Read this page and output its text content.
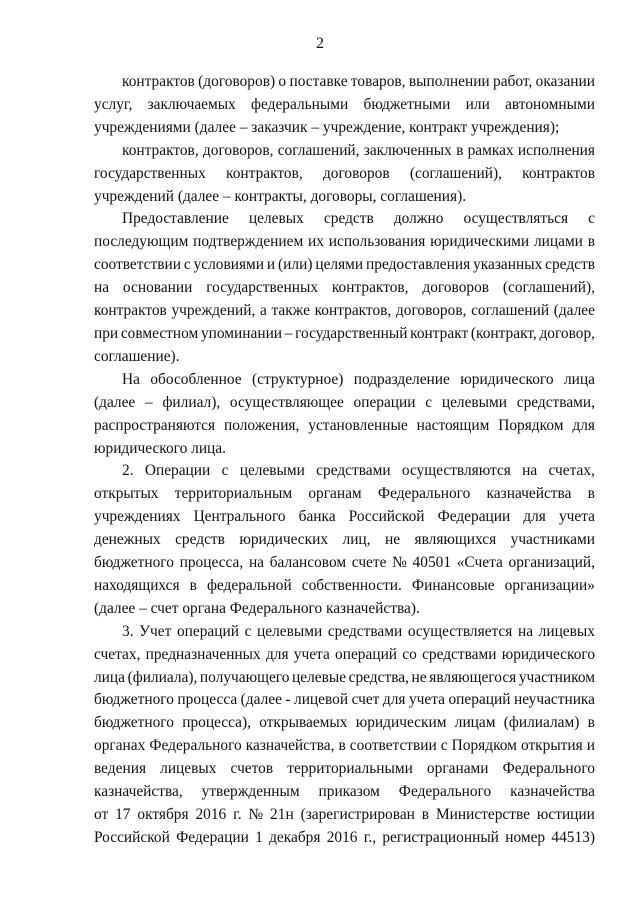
2
контрактов (договоров) о поставке товаров, выполнении работ, оказании
услуг, заключаемых федеральными бюджетными или автономными
учреждениями (далее – заказчик – учреждение, контракт учреждения);
контрактов, договоров, соглашений, заключенных в рамках исполнения
государственных контрактов, договоров (соглашений), контрактов
учреждений (далее – контракты, договоры, соглашения).
Предоставление целевых средств должно осуществляться с
последующим подтверждением их использования юридическими лицами в
соответствии с условиями и (или) целями предоставления указанных средств
на основании государственных контрактов, договоров (соглашений),
контрактов учреждений, а также контрактов, договоров, соглашений (далее
при совместном упоминании – государственный контракт (контракт, договор,
соглашение).
На обособленное (структурное) подразделение юридического лица
(далее – филиал), осуществляющее операции с целевыми средствами,
распространяются положения, установленные настоящим Порядком для
юридического лица.
2. Операции с целевыми средствами осуществляются на счетах,
открытых территориальным органам Федерального казначейства в
учреждениях Центрального банка Российской Федерации для учета
денежных средств юридических лиц, не являющихся участниками
бюджетного процесса, на балансовом счете № 40501 «Счета организаций,
находящихся в федеральной собственности. Финансовые организации»
(далее – счет органа Федерального казначейства).
3. Учет операций с целевыми средствами осуществляется на лицевых
счетах, предназначенных для учета операций со средствами юридического
лица (филиала), получающего целевые средства, не являющегося участником
бюджетного процесса (далее - лицевой счет для учета операций неучастника
бюджетного процесса), открываемых юридическим лицам (филиалам) в
органах Федерального казначейства, в соответствии с Порядком открытия и
ведения лицевых счетов территориальными органами Федерального
казначейства, утвержденным приказом Федерального казначейства
от 17 октября 2016 г. № 21н (зарегистрирован в Министерстве юстиции
Российской Федерации 1 декабря 2016 г., регистрационный номер 44513)
